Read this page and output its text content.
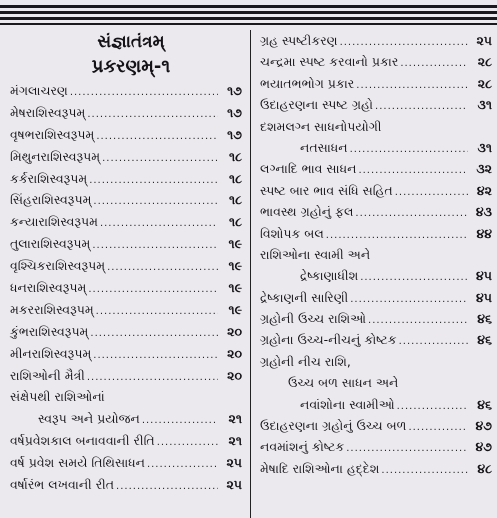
સંજ્ઞાતંત્રમ્
પ્રકરણમ્-૧
મંગલાચરણ .....	૧૭
મેષરાશિસ્વરૂપમ્ .....	૧૭
વૃષભરાશિસ્વરૂપમ્ .....	૧૭
મિથુનરાશિસ્વરૂપમ્ .....	૧૮
કર્કરાશિસ્વરૂપમ્ .....	૧૮
સિંહરાશિસ્વરૂપમ્ .....	૧૮
કન્યારાશિસ્વરૂપમ .....	૧૮
તુલારાશિસ્વરૂપમ્ .....	૧૯
વૃશ્ચિકરાશિસ્વરૂપમ્ .....	૧૯
ધનરાશિસ્વરૂપમ્ .....	૧૯
મકરરાશિસ્વરૂપમ્ .....	૧૯
કુંભરાશિસ્વરૂપમ્ .....	૨૦
મીનરાશિસ્વરૂપમ્ .....	૨૦
રાશિઓની મૈત્રી .....	૨૦
સંક્ષેપથી રાશિઓનાં
સ્વરૂપ અને પ્રયોજન .....	૨૧
વર્ષપ્રવેશકાલ બનાવવાની રીતિ .....	૨૧
વર્ષ પ્રવેશ સમયે તિથિસાધન .....	૨૫
વર્ષારંભ લખવાની રીત .....	૨૫
ગ્રહ સ્પષ્ટીકરણ .....	૨૫
ચન્દ્રમા સ્પષ્ટ કરવાનો પ્રકાર .....	૨૮
ભયાતભભોગ પ્રકાર .....	૨૮
ઉદાહરણના સ્પષ્ટ ગ્રહો .....	૩૧
દશમલગ્ન સાધનોપયોગી
નતસાધન .....	૩૧
લગ્નાદિ ભાવ સાધન .....	૩૨
સ્પષ્ટ બાર ભાવ સંધિ સહિત .....	૪૨
ભાવસ્થ ગ્રહોનું ફલ .....	૪૩
વિશોપક બલ .....	૪૪
રાશિઓના સ્વામી અને
દ્રેષ્કાણાધીશ .....	૪૫
દ્રેષ્કાણની સારિણી .....	૪૫
ગ્રહોની ઉચ્ચ રાશિઓ .....	૪૬
ગ્રહોના ઉચ્ચ-નીચનું કોષ્ટક .....	૪૬
ગ્રહોની નીચ રાશિ,
ઉચ્ચ બળ સાધન અને
નવાંશોના સ્વામીઓ .....	૪૬
ઉદાહરણના ગ્રહોનું ઉચ્ચ બળ .....	૪૭
નવમાંશનું કોષ્ટક .....	૪૭
મેષાદિ રાશિઓના હદ્દેશ .....	૪૮
